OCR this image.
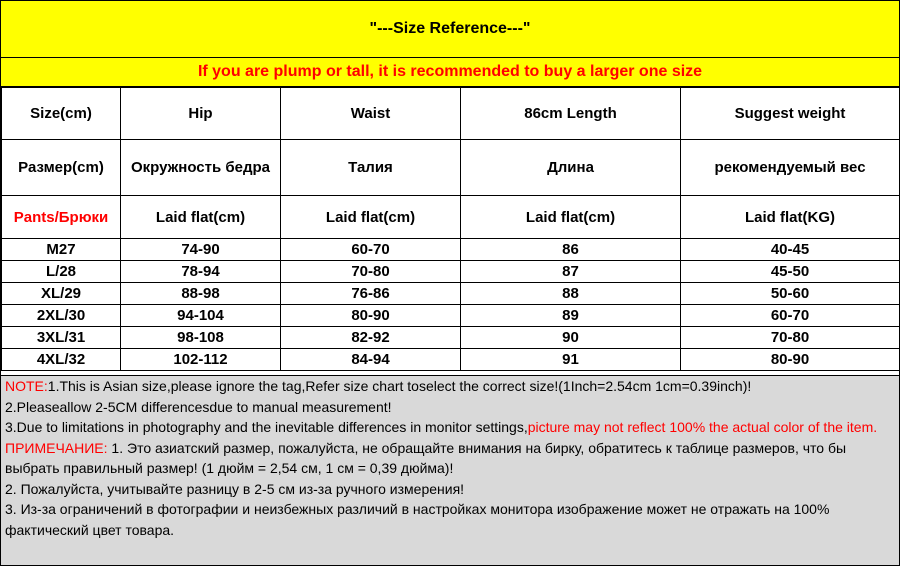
"---Size Reference---"
If you are plump or tall, it is recommended to buy a larger one size
Size(cm)	Hip	Waist	86cm Length	Suggest weight
Размер(cm)	Окружность бедра	Талия	Длина	рекомендуемый вес
Pants/Брюки	Laid flat(cm)	Laid flat(cm)	Laid flat(cm)	Laid flat(KG)
M27	74-90	60-70	86	40-45
L/28	78-94	70-80	87	45-50
XL/29	88-98	76-86	88	50-60
2XL/30	94-104	80-90	89	60-70
3XL/31	98-108	82-92	90	70-80
4XL/32	102-112	84-94	91	80-90

NOTE:1.This is Asian size,please ignore the tag,Refer size chart toselect the correct size!(1Inch=2.54cm 1cm=0.39inch)!

2.Pleaseallow 2-5CM differencesdue to manual measurement!

3.Due to limitations in photography and the inevitable differences in monitor settings,picture may not reflect 100% the actual color of the item.

ПРИМЕЧАНИЕ: 1. Это азиатский размер, пожалуйста, не обращайте внимания на бирку, обратитесь к таблице размеров, что бы выбрать правильный размер! (1 дюйм = 2,54 см, 1 см = 0,39 дюйма)!

2. Пожалуйста, учитывайте разницу в 2-5 см из-за ручного измерения!

3. Из-за ограничений в фотографии и неизбежных различий в настройках монитора изображение может не отражать на 100% фактический цвет товара.
